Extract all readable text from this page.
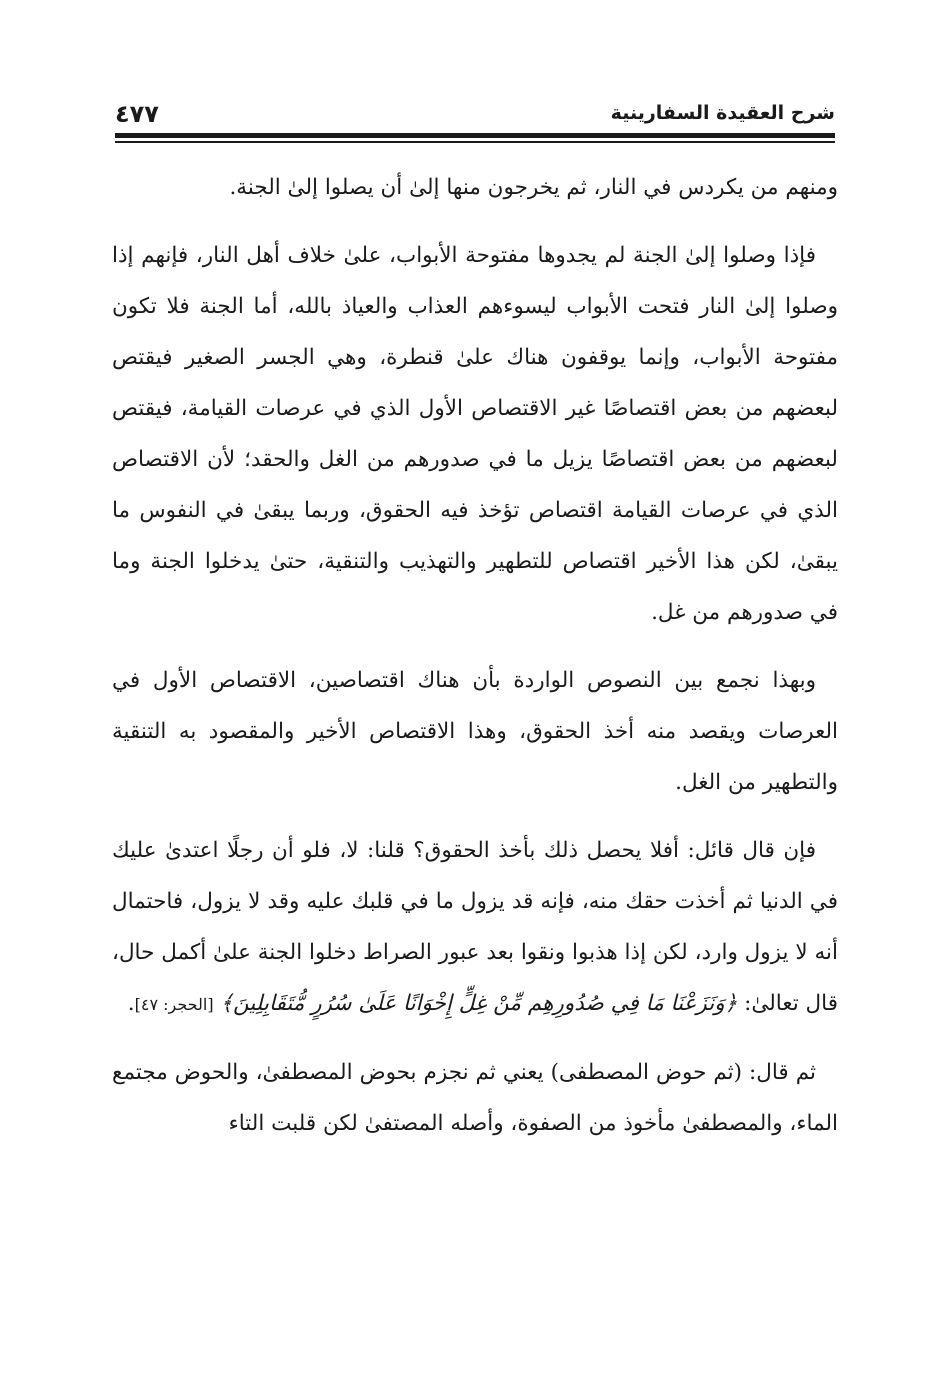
شرح العقيدة السفارينية
٤٧٧

ومنهم من يكردس في النار، ثم يخرجون منها إلىٰ أن يصلوا إلىٰ الجنة.

فإذا وصلوا إلىٰ الجنة لم يجدوها مفتوحة الأبواب، علىٰ خلاف أهل النار، فإنهم إذا وصلوا إلىٰ النار فتحت الأبواب ليسوءهم العذاب والعياذ بالله، أما الجنة فلا تكون مفتوحة الأبواب، وإنما يوقفون هناك علىٰ قنطرة، وهي الجسر الصغير فيقتص لبعضهم من بعض اقتصاصًا غير الاقتصاص الأول الذي في عرصات القيامة، فيقتص لبعضهم من بعض اقتصاصًا يزيل ما في صدورهم من الغل والحقد؛ لأن الاقتصاص الذي في عرصات القيامة اقتصاص تؤخذ فيه الحقوق، وربما يبقىٰ في النفوس ما يبقىٰ، لكن هذا الأخير اقتصاص للتطهير والتهذيب والتنقية، حتىٰ يدخلوا الجنة وما في صدورهم من غل.

وبهذا نجمع بين النصوص الواردة بأن هناك اقتصاصين، الاقتصاص الأول في العرصات ويقصد منه أخذ الحقوق، وهذا الاقتصاص الأخير والمقصود به التنقية والتطهير من الغل.

فإن قال قائل: أفلا يحصل ذلك بأخذ الحقوق؟ قلنا: لا، فلو أن رجلًا اعتدىٰ عليك في الدنيا ثم أخذت حقك منه، فإنه قد يزول ما في قلبك عليه وقد لا يزول، فاحتمال أنه لا يزول وارد، لكن إذا هذبوا ونقوا بعد عبور الصراط دخلوا الجنة علىٰ أكمل حال، قال تعالىٰ: ﴿وَنَزَعْنَا مَا فِي صُدُورِهِم مِّنْ غِلٍّ إِخْوَانًا عَلَىٰ سُرُرٍ مُّتَقَابِلِينَ﴾ [الحجر: ٤٧].

ثم قال: (ثم حوض المصطفى) يعني ثم نجزم بحوض المصطفىٰ، والحوض مجتمع الماء، والمصطفىٰ مأخوذ من الصفوة، وأصله المصتفىٰ لكن قلبت التاء
